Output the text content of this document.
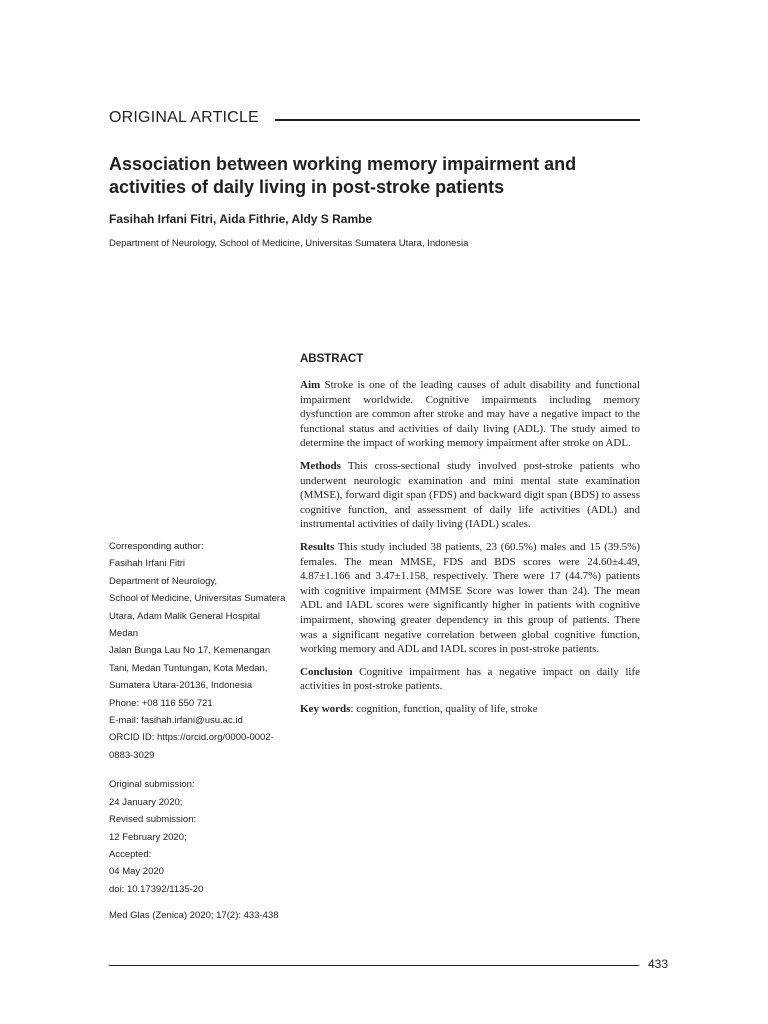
ORIGINAL ARTICLE
Association between working memory impairment and activities of daily living in post-stroke patients
Fasihah Irfani Fitri, Aida Fithrie, Aldy S Rambe
Department of Neurology, School of Medicine, Universitas Sumatera Utara, Indonesia
ABSTRACT

Aim Stroke is one of the leading causes of adult disability and functional impairment worldwide. Cognitive impairments including memory dysfunction are common after stroke and may have a negative impact to the functional status and activities of daily living (ADL). The study aimed to determine the impact of working memory impairment after stroke on ADL.

Methods This cross-sectional study involved post-stroke patients who underwent neurologic examination and mini mental state examination (MMSE), forward digit span (FDS) and backward digit span (BDS) to assess cognitive function, and assessment of daily life activities (ADL) and instrumental activities of daily living (IADL) scales.

Results This study included 38 patients, 23 (60.5%) males and 15 (39.5%) females. The mean MMSE, FDS and BDS scores were 24.60±4.49, 4.87±1.166 and 3.47±1.158, respectively. There were 17 (44.7%) patients with cognitive impairment (MMSE Score was lower than 24). The mean ADL and IADL scores were significantly higher in patients with cognitive impairment, showing greater dependency in this group of patients. There was a significant negative correlation between global cognitive function, working memory and ADL and IADL scores in post-stroke patients.

Conclusion Cognitive impairment has a negative impact on daily life activities in post-stroke patients.

Key words: cognition, function, quality of life, stroke

Corresponding author:
Fasihah Irfani Fitri
Department of Neurology,
School of Medicine, Universitas Sumatera
Utara, Adam Malik General Hospital
Medan
Jalan Bunga Lau No 17, Kemenangan
Tani, Medan Tuntungan, Kota Medan,
Sumatera Utara-20136, Indonesia
Phone: +08 116 550 721
E-mail: fasihah.irfani@usu.ac.id
ORCID ID: https://orcid.org/0000-0002-
0883-3029
Original submission:
24 January 2020;
Revised submission:
12 February 2020;
Accepted:
04 May 2020
doi: 10.17392/1135-20
Med Glas (Zenica) 2020; 17(2): 433-438
433
